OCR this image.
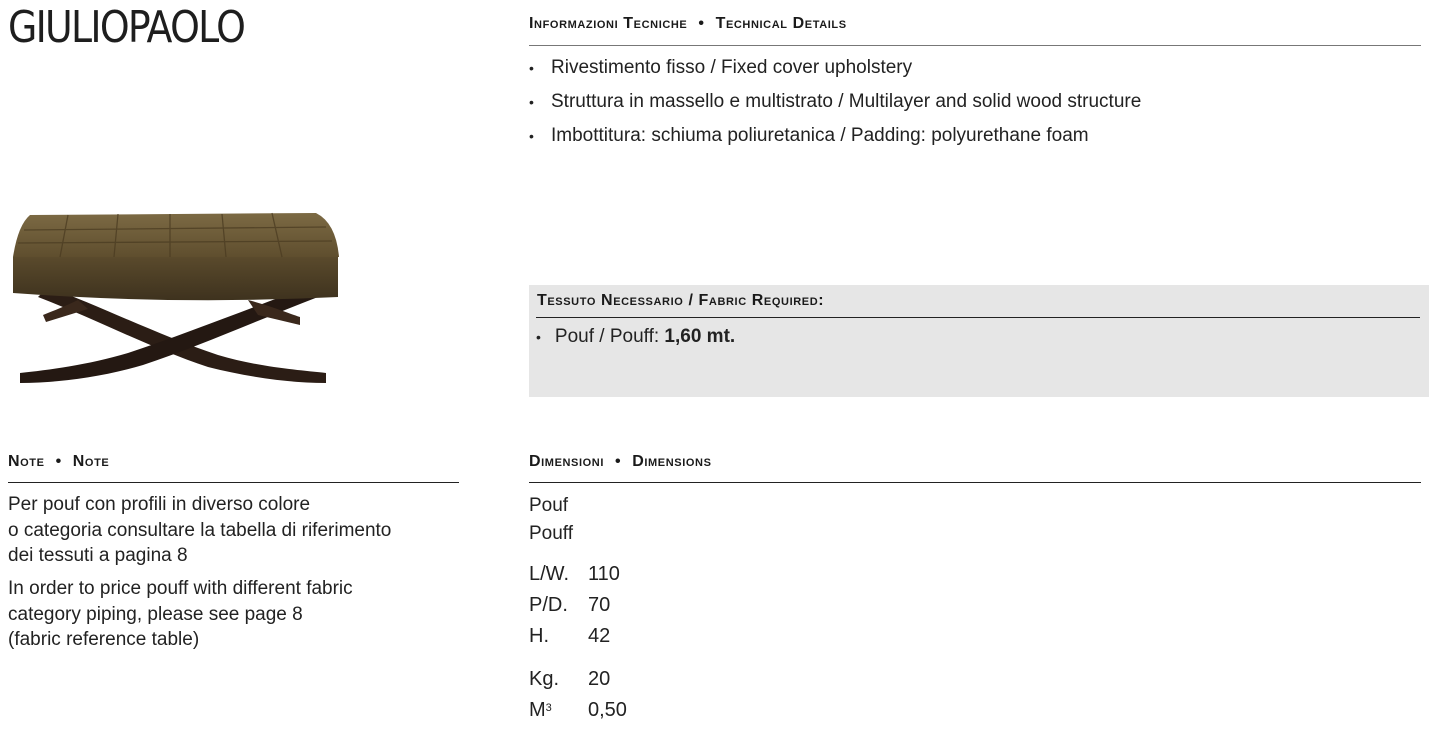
GIULIOPAOLO	Informazioni Tecniche • Technical Details
• Rivestimento fisso / Fixed cover upholstery
• Struttura in massello e multistrato / Multilayer and solid wood structure
• Imbottitura: schiuma poliuretanica / Padding: polyurethane foam
Tessuto Necessario / Fabric Required:
• Pouf / Pouff: 1,60 mt.
Note • Note
Per pouf con profili in diverso colore
o categoria consultare la tabella di riferimento
dei tessuti a pagina 8
In order to price pouff with different fabric
category piping, please see page 8
(fabric reference table)
Dimensioni • Dimensions
Pouf
Pouff
L/W. 110
P/D. 70
H. 42
Kg. 20
$M^3$ 0,50
